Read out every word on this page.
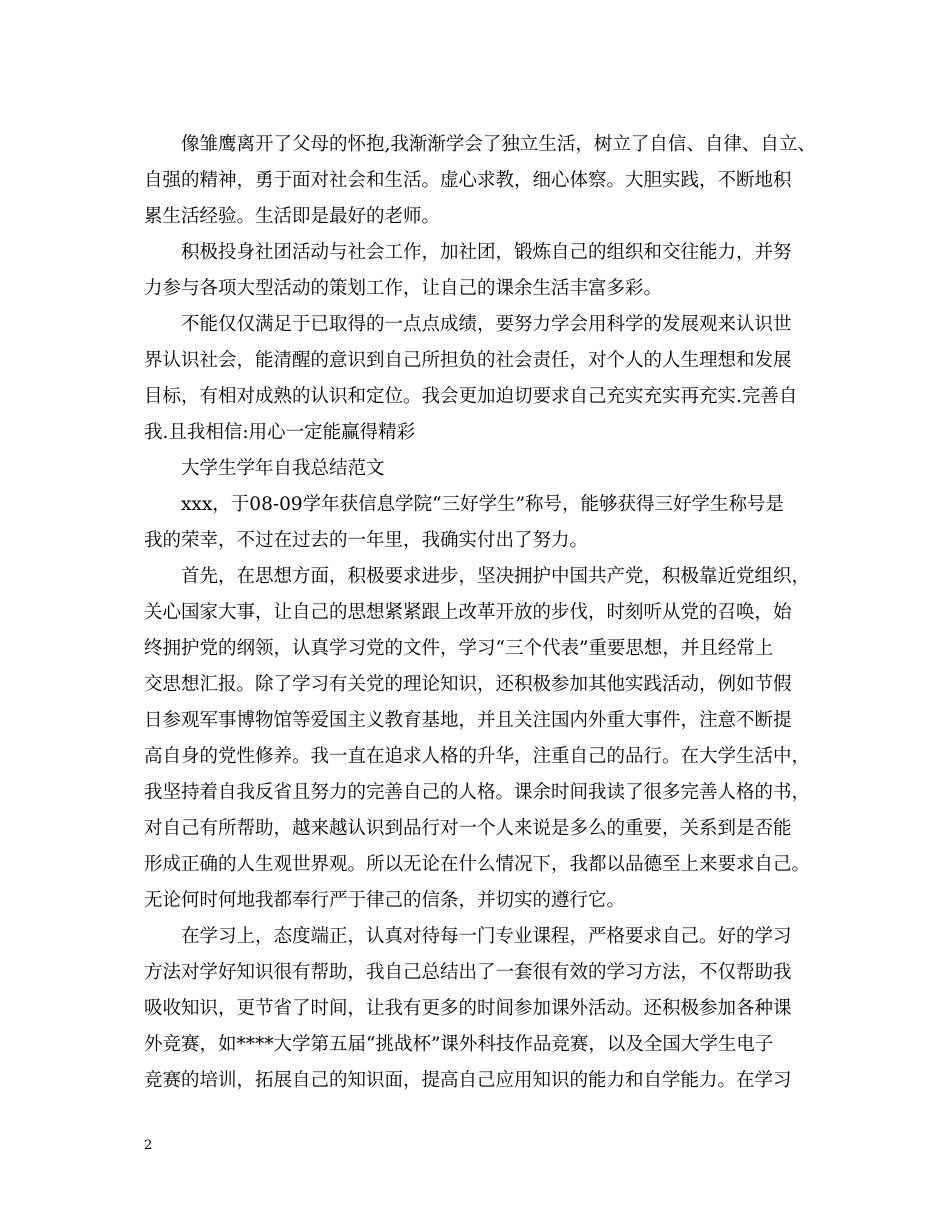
像雏鹰离开了父母的怀抱,我渐渐学会了独立生活，树立了自信、自律、自立、
自强的精神，勇于面对社会和生活。虚心求教，细心体察。大胆实践，不断地积
累生活经验。生活即是最好的老师。

积极投身社团活动与社会工作，加社团，锻炼自己的组织和交往能力，并努
力参与各项大型活动的策划工作，让自己的课余生活丰富多彩。

不能仅仅满足于已取得的一点点成绩，要努力学会用科学的发展观来认识世
界认识社会，能清醒的意识到自己所担负的社会责任，对个人的人生理想和发展
目标，有相对成熟的认识和定位。我会更加迫切要求自己充实充实再充实.完善自
我.且我相信:用心一定能赢得精彩

大学生学年自我总结范文

xxx，于08-09学年获信息学院“三好学生”称号，能够获得三好学生称号是
我的荣幸，不过在过去的一年里，我确实付出了努力。

首先，在思想方面，积极要求进步，坚决拥护中国共产党，积极靠近党组织，
关心国家大事，让自己的思想紧紧跟上改革开放的步伐，时刻听从党的召唤，始
终拥护党的纲领，认真学习党的文件，学习“三个代表”重要思想，并且经常上
交思想汇报。除了学习有关党的理论知识，还积极参加其他实践活动，例如节假
日参观军事博物馆等爱国主义教育基地，并且关注国内外重大事件，注意不断提
高自身的党性修养。我一直在追求人格的升华，注重自己的品行。在大学生活中，
我坚持着自我反省且努力的完善自己的人格。课余时间我读了很多完善人格的书，
对自己有所帮助，越来越认识到品行对一个人来说是多么的重要，关系到是否能
形成正确的人生观世界观。所以无论在什么情况下，我都以品德至上来要求自己。
无论何时何地我都奉行严于律己的信条，并切实的遵行它。

在学习上，态度端正，认真对待每一门专业课程，严格要求自己。好的学习
方法对学好知识很有帮助，我自己总结出了一套很有效的学习方法，不仅帮助我
吸收知识，更节省了时间，让我有更多的时间参加课外活动。还积极参加各种课
外竞赛，如****大学第五届“挑战杯”课外科技作品竞赛，以及全国大学生电子
竞赛的培训，拓展自己的知识面，提高自己应用知识的能力和自学能力。在学习

2
